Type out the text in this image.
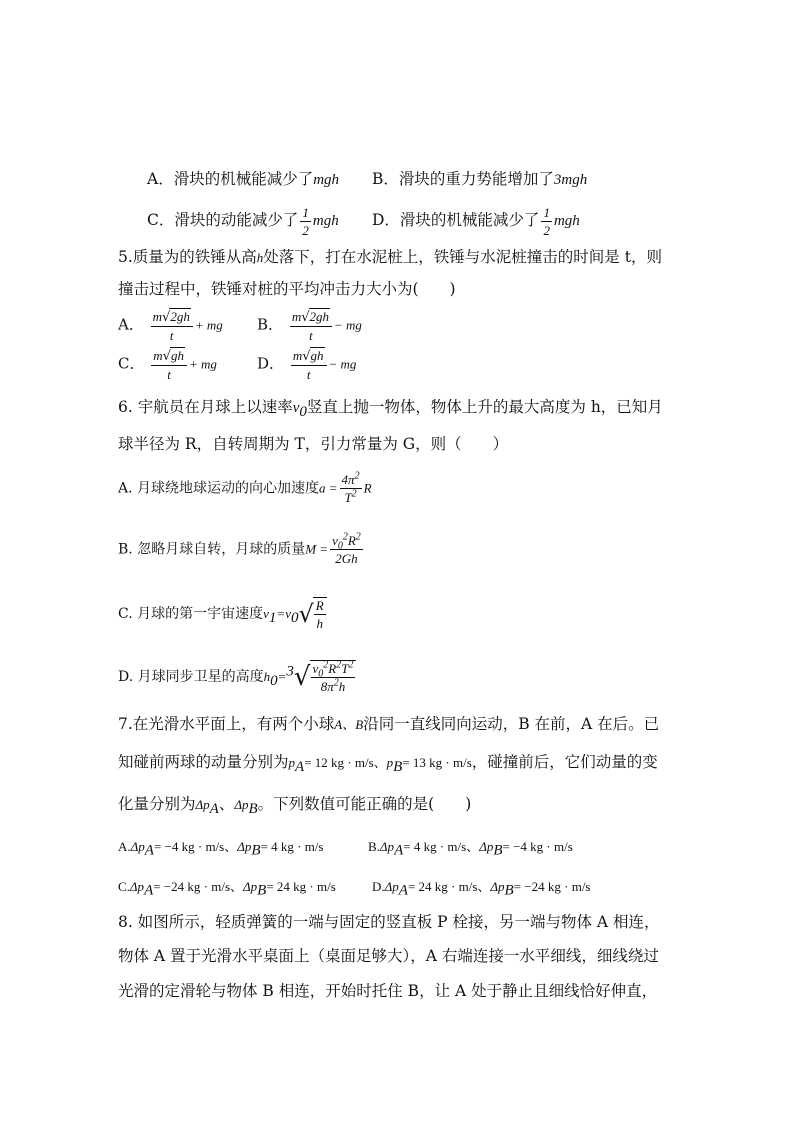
A．滑块的机械能减少了mgh B．滑块的重力势能增加了3mgh
C．滑块的动能减少了 $\frac{1}{2}$ mgh D．滑块的机械能减少了 $\frac{1}{2}$ mgh
5.质量为的铁锤从高h处落下，打在水泥桩上，铁锤与水泥桩撞击的时间是 t，则
撞击过程中，铁锤对桩的平均冲击力大小为(　　)
A． $\frac{m√2gh}{t}$ + mg B． $\frac{m√2gh}{t}$ − mg
C． $\frac{m√gh}{t}$ + mg	D． $\frac{m√gh}{t}$ − mg
6. 宇航员在月球上以速率$v_0$竖直上抛一物体，物体上升的最大高度为 h，已知月
球半径为 R，自转周期为 T，引力常量为 G，则（　　）
A. 月球绕地球运动的向心加速度$a = \frac{4\pi^2}{T^2}$ R
B. 忽略月球自转，月球的质量$M = \frac{v_0^2R^2}{2Gh}$
C. 月球的第一宇宙速度$v_1=v_0√ \frac{R}{h}$
D. 月球同步卫星的高度$h_0=^3√ \frac{v_0^2R^2T^2}{8\pi^2h}$
7.在光滑水平面上，有两个小球A、B沿同一直线同向运动，B 在前，A 在后。已
知碰前两球的动量分别为$p_A= 12$ kg · m/s、$p_B= 13$ kg · m/s，碰撞前后，它们动量的变
化量分别为$\Delta p_A$、$\Delta p_B$。下列数值可能正确的是(　　)
$A.\Delta p_A= -4$ kg · m/s、$\Delta p_B= 4$ kg · m/s	$B.\Delta p_A= 4$ kg · m/s、$\Delta p_B= -4$ kg · m/s
$C.\Delta p_A= -24$ kg · m/s、$\Delta p_B= 24$ kg · m/s	$D.\Delta p_A= 24$ kg · m/s、$\Delta p_B= -24$ kg · m/s
8. 如图所示，轻质弹簧的一端与固定的竖直板 P 栓接，另一端与物体 A 相连，
物体 A 置于光滑水平桌面上（桌面足够大），A 右端连接一水平细线，细线绕过
光滑的定滑轮与物体 B 相连，开始时托住 B，让 A 处于静止且细线恰好伸直，
